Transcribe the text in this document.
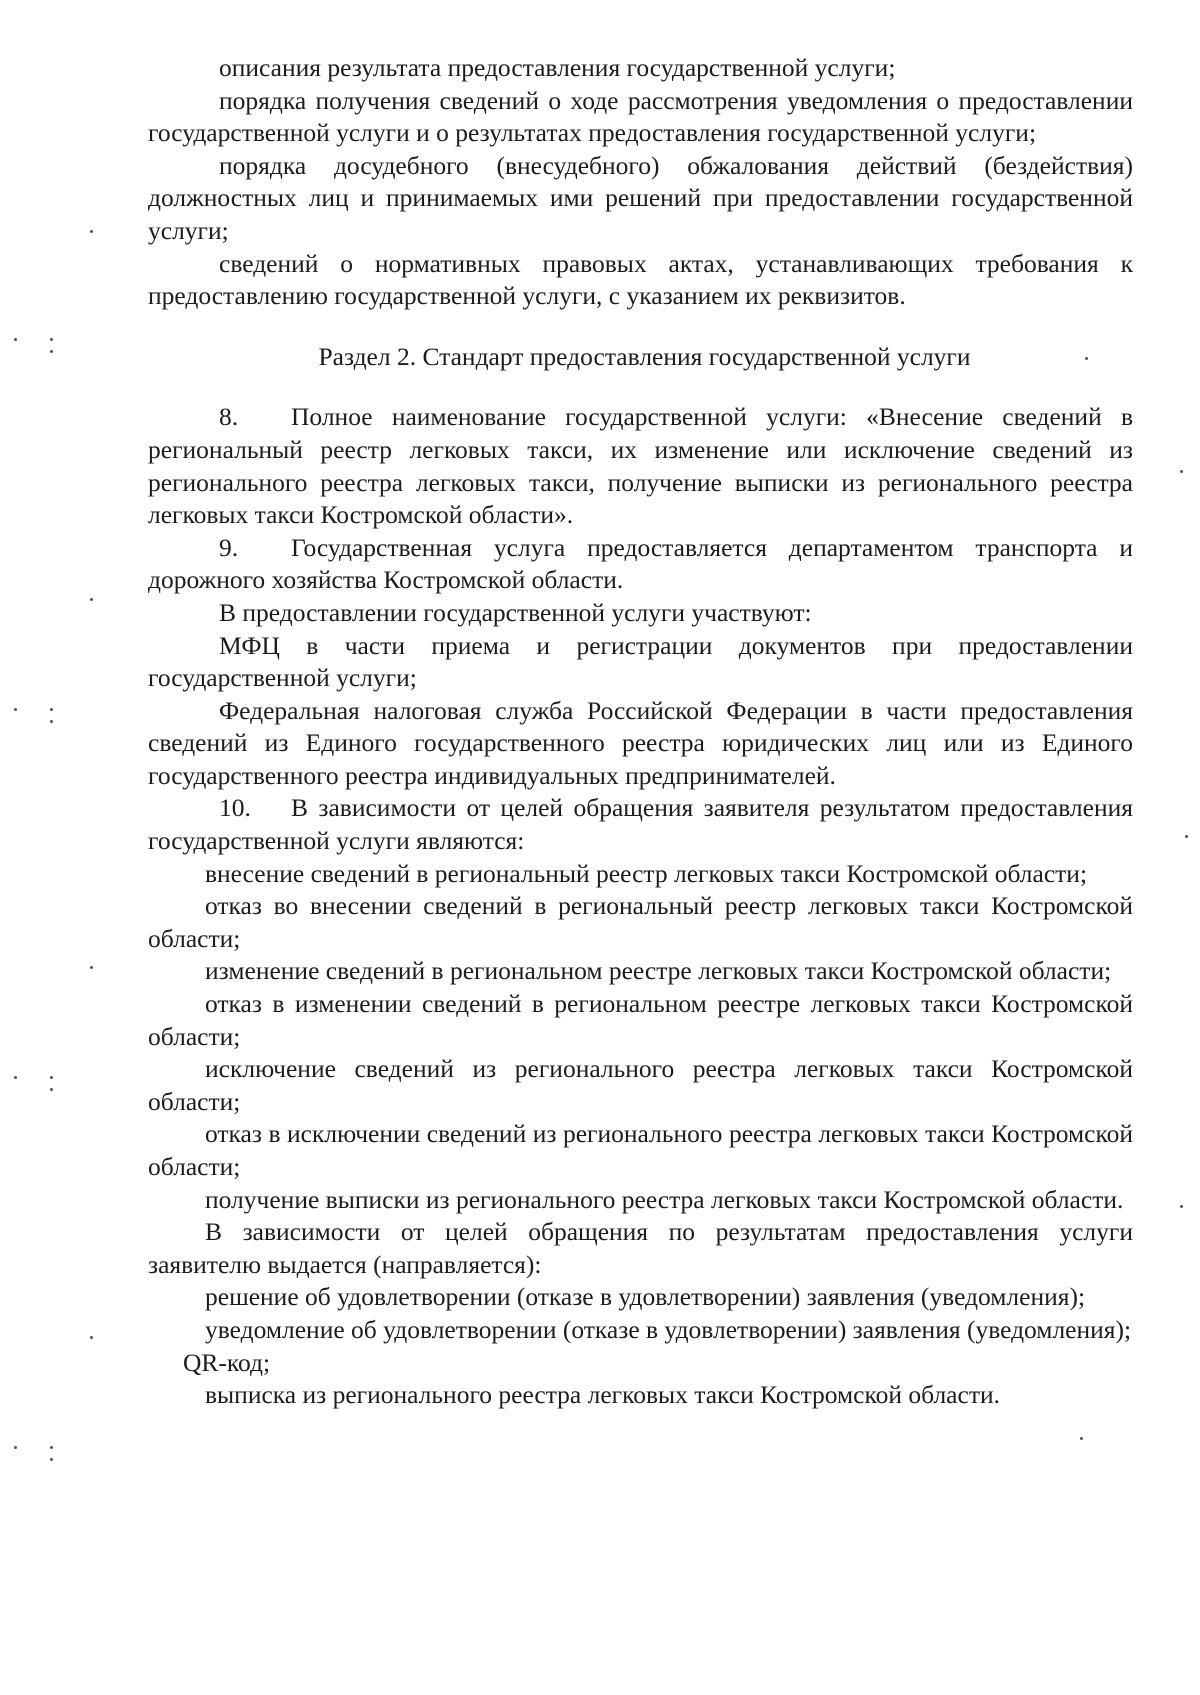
описания результата предоставления государственной услуги;

порядка получения сведений о ходе рассмотрения уведомления о предоставлении государственной услуги и о результатах предоставления государственной услуги;

порядка досудебного (внесудебного) обжалования действий (бездействия) должностных лиц и принимаемых ими решений при предоставлении государственной услуги;

сведений о нормативных правовых актах, устанавливающих требования к предоставлению государственной услуги, с указанием их реквизитов.

Раздел 2. Стандарт предоставления государственной услуги

8. Полное наименование государственной услуги: «Внесение сведений в региональный реестр легковых такси, их изменение или исключение сведений из регионального реестра легковых такси, получение выписки из регионального реестра легковых такси Костромской области».

9. Государственная услуга предоставляется департаментом транспорта и дорожного хозяйства Костромской области.

В предоставлении государственной услуги участвуют:

МФЦ в части приема и регистрации документов при предоставлении государственной услуги;

Федеральная налоговая служба Российской Федерации в части предоставления сведений из Единого государственного реестра юридических лиц или из Единого государственного реестра индивидуальных предпринимателей.

10. В зависимости от целей обращения заявителя результатом предоставления государственной услуги являются:

внесение сведений в региональный реестр легковых такси Костромской области;

отказ во внесении сведений в региональный реестр легковых такси Костромской области;

изменение сведений в региональном реестре легковых такси Костромской области;

отказ в изменении сведений в региональном реестре легковых такси Костромской области;

исключение сведений из регионального реестра легковых такси Костромской области;

отказ в исключении сведений из регионального реестра легковых такси Костромской области;

получение выписки из регионального реестра легковых такси Костромской области.

В зависимости от целей обращения по результатам предоставления услуги заявителю выдается (направляется):

решение об удовлетворении (отказе в удовлетворении) заявления (уведомления);

уведомление об удовлетворении (отказе в удовлетворении) заявления (уведомления);

QR-код;

выписка из регионального реестра легковых такси Костромской области.
